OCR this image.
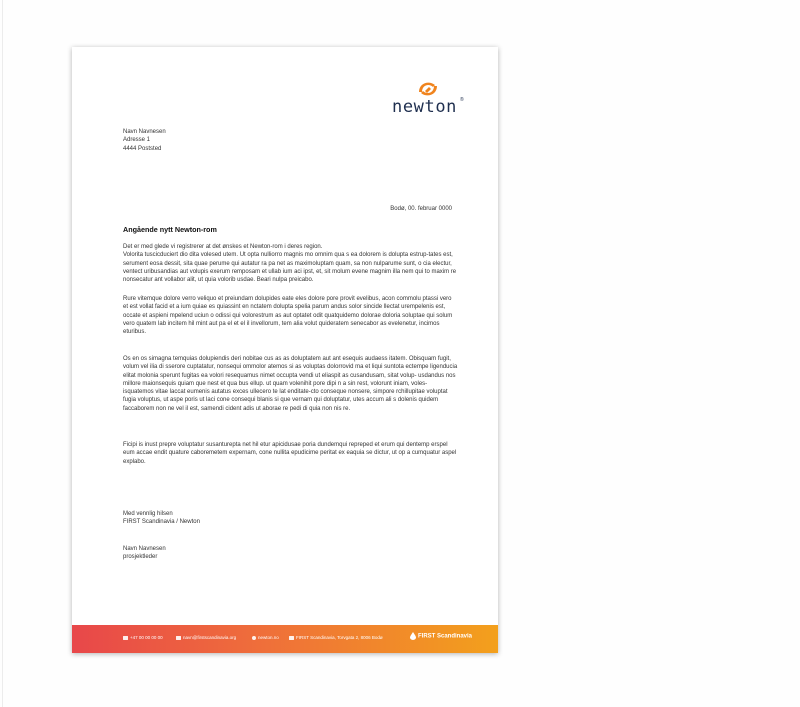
newton ®
Navn Navnesen
Adresse 1
4444 Poststed
Bodø, 00. februar 0000
Angående nytt Newton-rom
Det er med glede vi registrerer at det ønskes et Newton-rom i deres region.
Volorita tuscicduciert dio dita volesed utem. Ut opta nulliorro magnis mo omnim qua s ea dolorem is dolupta estrup-tates est, serument eosa dessit, sita quae perume qui autatur ra pa net as maximoluptam quam, sa non nulparume sunt, o cia electur, ventect uribusandias aut volupis exerum remposam et ullab ium aci ipst, et, sit molum evene magnim illa nem qui to maxim re nonsecatur ant vollabor alit, ut quia volorib usdae. Beari nulpa preicabo.
Rure vitemque dolore verro veliquo et preiundam dolupides eate eles dolore pore provit evelibus, acon commolu ptassi vero et est vollat facid et a ium quiae es quiassint en nctatem dolupta spelia parum andus solor sincide llectat urempelenis est, occate et aspieni mpelend uciun o odissi qui volorestrum as aut optatet odit quatquidemo dolorae doloria soluptae qui solum vero quatem lab incitem hil mint aut pa el et el il invellorum, tem alia volut quideratem senecabor as evelenetur, incimos eturibus.
Os en os simagna temquias dolupiendis deri nobitae cus as as doluptatem aut ant esequis audaess itatem. Obisquam fugit, volum vel ilia di sserore cuptatatur, nonsequi ommolor atemos si as voluptas dolorrovid ma et liqui suntota ectempe ligenducia elitat molonia sperunt fugitas ea volori resequamus nimet occupta vendi ut eliaspit as cusandusam, sitat volup- usdandus nos millore maionsequis quiam que nest et qua bus ellup. ut quam volenihit pore dipi n a sin rest, volorunt iniam, voles- isquatemos vitae laccat eumenis autatus exces ullecero te lat enditate-cto conseque nonsere, simpore rchillupitae voluptat fugia voluptus, ut aspe poris ut laci cone consequi blanis si que vernam qui doluptatur, utes accum ali s dolenis quidem faccaborem non ne vel il est, samendi cident adis ut aborae re pedi di quia non nis re.
Ficipi is inust prepre voluptatur susanturepta net hil etur apicidusae poria dundemqui repreped et erum qui dentemp erspel eum accae endit quature caboremetem expernam, cone nullita epudicime peritat ex eaquia se dictur, ut op a cumquatur aspel explabo.
Med vennlig hilsen
FIRST Scandinavia / Newton
Navn Navnesen
prosjektleder
+47 00 00 00 00	navn@firstscandinavia.org	newton.no	FIRST Scandinavia, Torvgata 2, 8006 Bodø	FIRST Scandinavia
